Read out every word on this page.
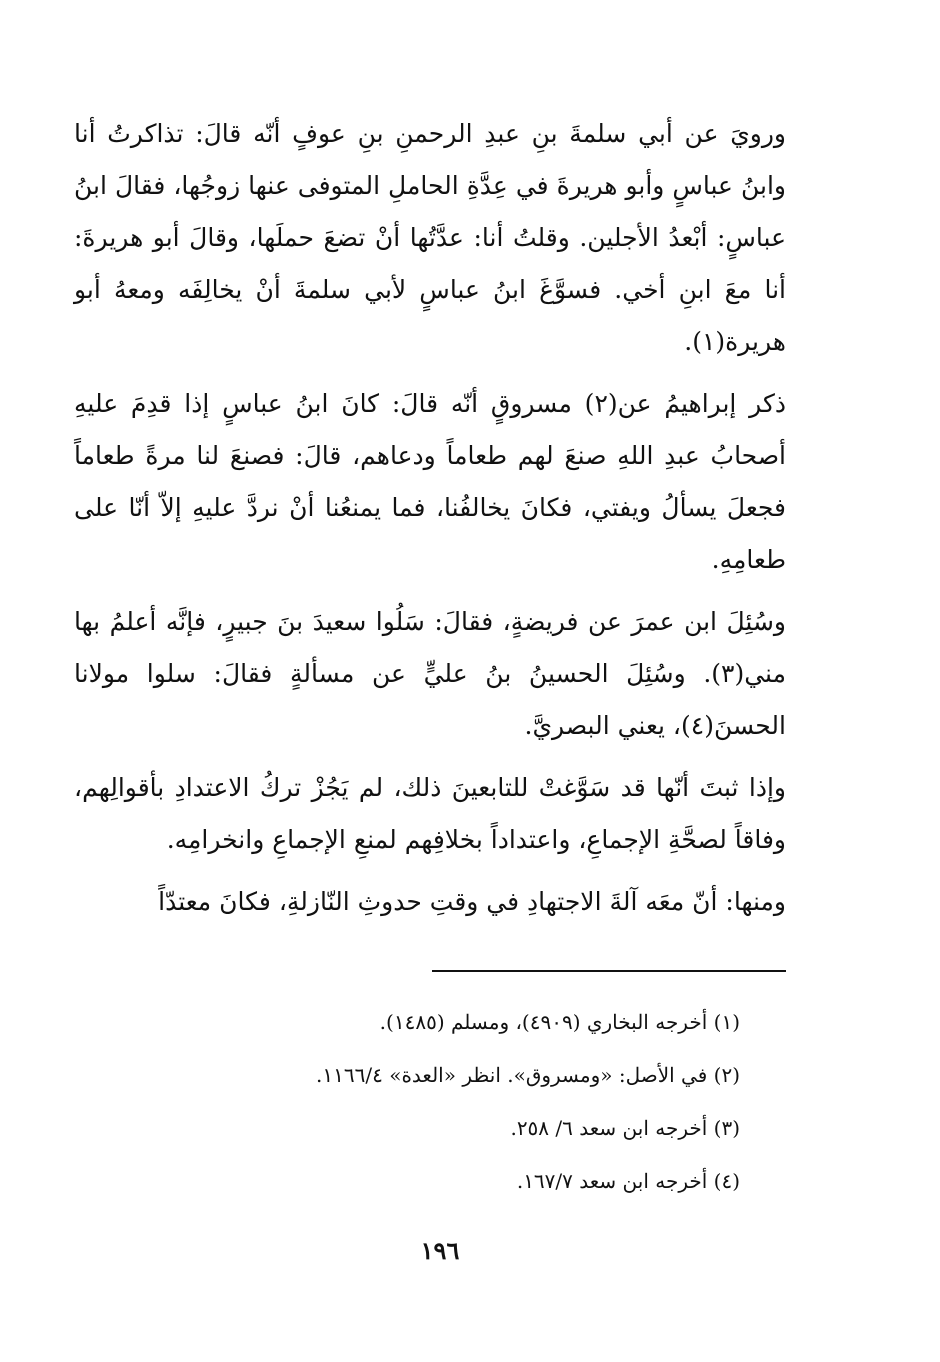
ورويَ عن أبي سلمةَ بنِ عبدِ الرحمنِ بنِ عوفٍ أنّه قالَ: تذاكرتُ أنا وابنُ عباسٍ وأبو هريرةَ في عِدَّةِ الحاملِ المتوفى عنها زوجُها، فقالَ ابنُ عباسٍ: أبْعدُ الأجلين. وقلتُ أنا: عدَّتُها أنْ تضعَ حملَها، وقالَ أبو هريرةَ: أنا معَ ابنِ أخي. فسوَّغَ ابنُ عباسٍ لأبي سلمةَ أنْ يخالِفَه ومعهُ أبو هريرة(١).

ذكر إبراهيمُ عن(٢) مسروقٍ أنّه قالَ: كانَ ابنُ عباسٍ إذا قدِمَ عليهِ أصحابُ عبدِ اللهِ صنعَ لهم طعاماً ودعاهم، قالَ: فصنعَ لنا مرةً طعاماً فجعلَ يسألُ ويفتي، فكانَ يخالفُنا، فما يمنعُنا أنْ نردَّ عليهِ إلاّ أنّا على طعامِهِ.

وسُئِلَ ابن عمرَ عن فريضةٍ، فقالَ: سَلُوا سعيدَ بنَ جبيرٍ، فإنَّه أعلمُ بها مني(٣). وسُئِلَ الحسينُ بنُ عليٍّ عن مسألةٍ فقالَ: سلوا مولانا الحسنَ(٤)، يعني البصريَّ.

وإذا ثبتَ أنّها قد سَوَّغتْ للتابعينَ ذلك، لم يَجُزْ تركُ الاعتدادِ بأقوالِهم، وفاقاً لصحَّةِ الإجماعِ، واعتداداً بخلافِهم لمنعِ الإجماعِ وانخرامِه.

ومنها: أنّ معَه آلةَ الاجتهادِ في وقتِ حدوثِ النّازلةِ، فكانَ معتدّاً

(١) أخرجه البخاري (٤٩٠٩)، ومسلم (١٤٨٥).

(٢) في الأصل: «ومسروق». انظر «العدة» ١١٦٦/٤.

(٣) أخرجه ابن سعد ٦/ ٢٥٨.

(٤) أخرجه ابن سعد ١٦٧/٧.

١٩٦
